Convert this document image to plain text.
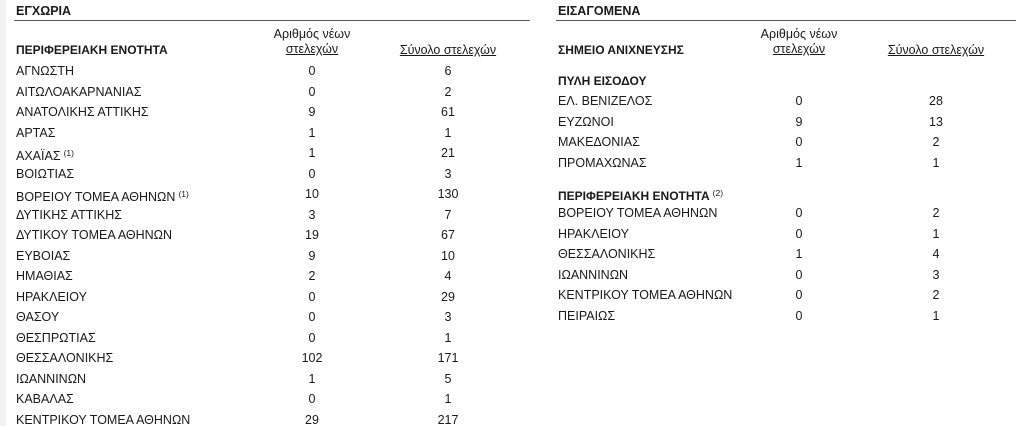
ΕΓΧΩΡΙΑ
ΠΕΡΙΦΕΡΕΙΑΚΗ ΕΝΟΤΗΤΑ
Αριθμός νέων
στελεχών	Σύνολο στελεχών
ΑΓΝΩΣΤΗ	0	6
ΑΙΤΩΛΟΑΚΑΡΝΑΝΙΑΣ	0	2
ΑΝΑΤΟΛΙΚΗΣ ΑΤΤΙΚΗΣ	9	61
ΑΡΤΑΣ	1	1
ΑΧΑΪΑΣ $^{(1)}$	1	21
ΒΟΙΩΤΙΑΣ	0	3
ΒΟΡΕΙΟΥ ΤΟΜΕΑ ΑΘΗΝΩΝ $^{(1)}$	10	130
ΔΥΤΙΚΗΣ ΑΤΤΙΚΗΣ	3	7
ΔΥΤΙΚΟΥ ΤΟΜΕΑ ΑΘΗΝΩΝ	19	67
ΕΥΒΟΙΑΣ	9	10
ΗΜΑΘΙΑΣ	2	4
ΗΡΑΚΛΕΙΟΥ	0	29
ΘΑΣΟΥ	0	3
ΘΕΣΠΡΩΤΙΑΣ	0	1
ΘΕΣΣΑΛΟΝΙΚΗΣ	102	171
ΙΩΑΝΝΙΝΩΝ	1	5
ΚΑΒΑΛΑΣ	0	1
ΚΕΝΤΡΙΚΟΥ ΤΟΜΕΑ ΑΘΗΝΩΝ	29	217
ΕΙΣΑΓΟΜΕΝΑ
ΣΗΜΕΙΟ ΑΝΙΧΝΕΥΣΗΣ
Αριθμός νέων
στελεχών	Σύνολο στελεχών
ΠΥΛΗ ΕΙΣΟΔΟΥ
ΕΛ. ΒΕΝΙΖΕΛΟΣ	0	28
ΕΥΖΩΝΟΙ	9	13
ΜΑΚΕΔΟΝΙΑΣ	0	2
ΠΡΟΜΑΧΩΝΑΣ	1	1
ΠΕΡΙΦΕΡΕΙΑΚΗ ΕΝΟΤΗΤΑ $^{(2)}$
ΒΟΡΕΙΟΥ ΤΟΜΕΑ ΑΘΗΝΩΝ	0	2
ΗΡΑΚΛΕΙΟΥ	0	1
ΘΕΣΣΑΛΟΝΙΚΗΣ	1	4
ΙΩΑΝΝΙΝΩΝ	0	3
ΚΕΝΤΡΙΚΟΥ ΤΟΜΕΑ ΑΘΗΝΩΝ	0	2
ΠΕΙΡΑΙΩΣ	0	1
